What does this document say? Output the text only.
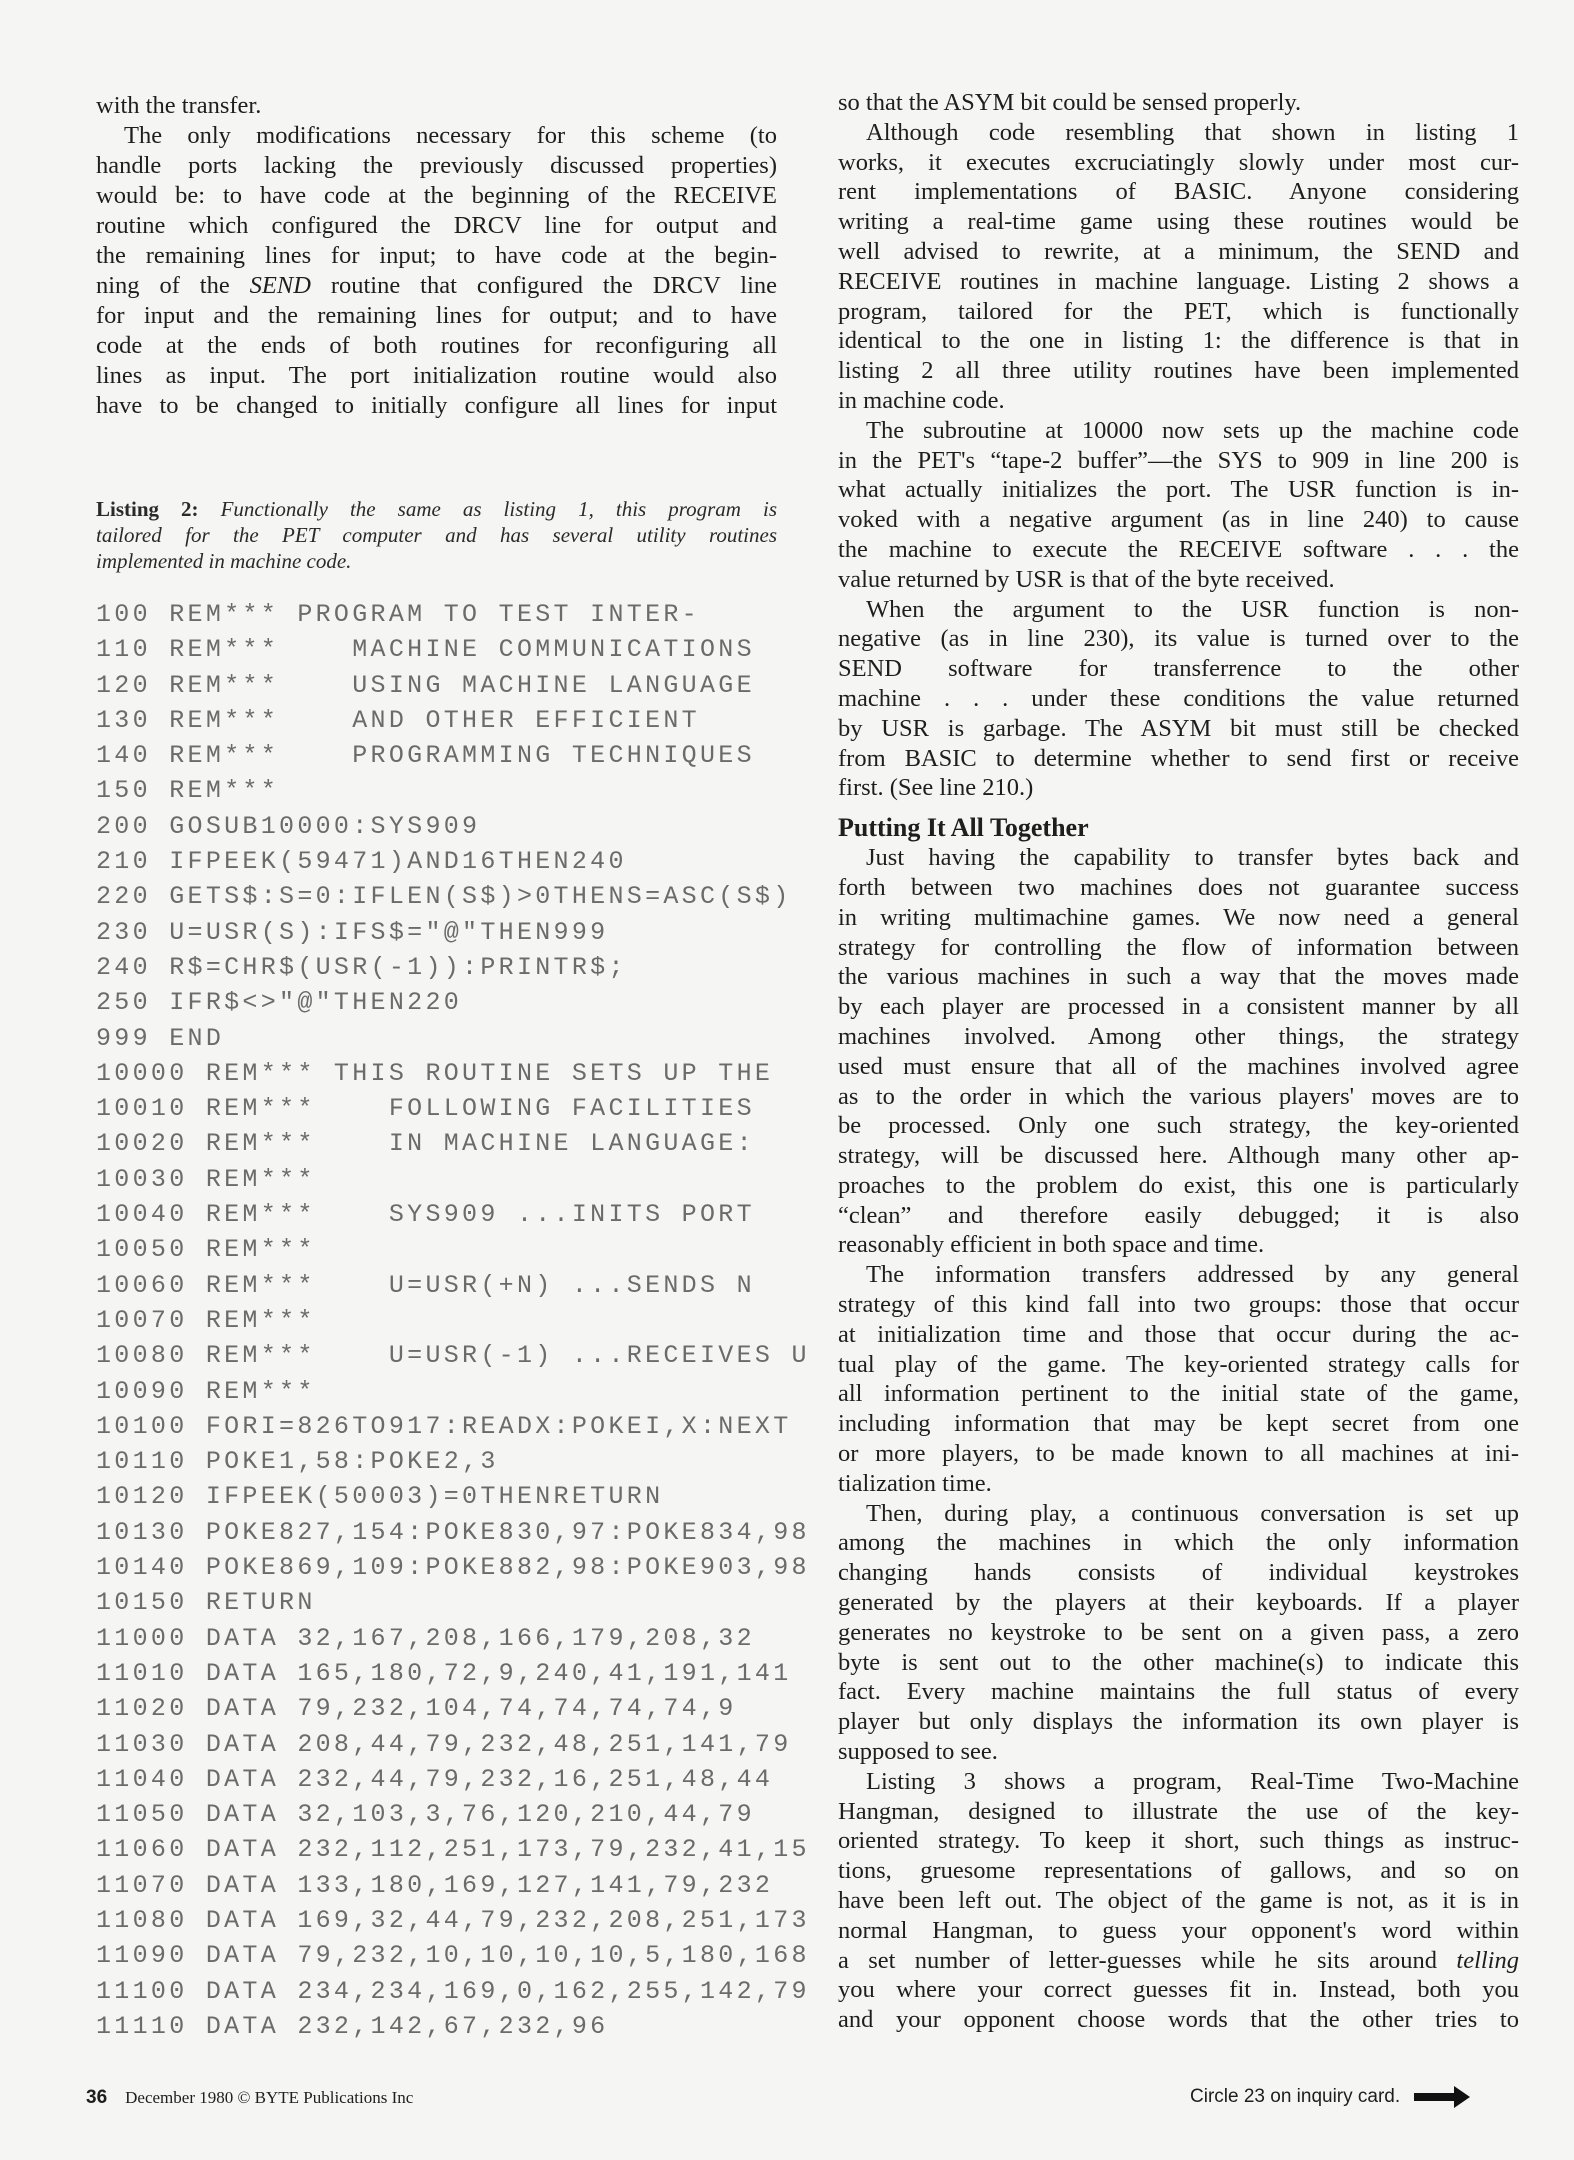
with the transfer.
The only modifications necessary for this scheme (to
handle ports lacking the previously discussed properties)
would be: to have code at the beginning of the RECEIVE
routine which configured the DRCV line for output and
the remaining lines for input; to have code at the begin-
ning of the SEND routine that configured the DRCV line
for input and the remaining lines for output; and to have
code at the ends of both routines for reconfiguring all
lines as input. The port initialization routine would also
have to be changed to initially configure all lines for input
Listing 2: Functionally the same as listing 1, this program is
tailored for the PET computer and has several utility routines
implemented in machine code.
100 REM*** PROGRAM TO TEST INTER-
110 REM***    MACHINE COMMUNICATIONS
120 REM***    USING MACHINE LANGUAGE
130 REM***    AND OTHER EFFICIENT
140 REM***    PROGRAMMING TECHNIQUES
150 REM***
200 GOSUB10000:SYS909
210 IFPEEK(59471)AND16THEN240
220 GETS$:S=0:IFLEN(S$)>0THENS=ASC(S$)
230 U=USR(S):IFS$="@"THEN999
240 R$=CHR$(USR(-1)):PRINTR$;
250 IFR$<>"@"THEN220
999 END
10000 REM*** THIS ROUTINE SETS UP THE
10010 REM***    FOLLOWING FACILITIES
10020 REM***    IN MACHINE LANGUAGE:
10030 REM***
10040 REM***    SYS909 ...INITS PORT
10050 REM***
10060 REM***    U=USR(+N) ...SENDS N
10070 REM***
10080 REM***    U=USR(-1) ...RECEIVES U
10090 REM***
10100 FORI=826TO917:READX:POKEI,X:NEXT
10110 POKE1,58:POKE2,3
10120 IFPEEK(50003)=0THENRETURN
10130 POKE827,154:POKE830,97:POKE834,98
10140 POKE869,109:POKE882,98:POKE903,98
10150 RETURN
11000 DATA 32,167,208,166,179,208,32
11010 DATA 165,180,72,9,240,41,191,141
11020 DATA 79,232,104,74,74,74,74,9
11030 DATA 208,44,79,232,48,251,141,79
11040 DATA 232,44,79,232,16,251,48,44
11050 DATA 32,103,3,76,120,210,44,79
11060 DATA 232,112,251,173,79,232,41,15
11070 DATA 133,180,169,127,141,79,232
11080 DATA 169,32,44,79,232,208,251,173
11090 DATA 79,232,10,10,10,10,5,180,168
11100 DATA 234,234,169,0,162,255,142,79
11110 DATA 232,142,67,232,96
so that the ASYM bit could be sensed properly.
Although code resembling that shown in listing 1
works, it executes excruciatingly slowly under most cur-
rent implementations of BASIC. Anyone considering
writing a real-time game using these routines would be
well advised to rewrite, at a minimum, the SEND and
RECEIVE routines in machine language. Listing 2 shows a
program, tailored for the PET, which is functionally
identical to the one in listing 1: the difference is that in
listing 2 all three utility routines have been implemented
in machine code.
The subroutine at 10000 now sets up the machine code
in the PET's “tape-2 buffer”—the SYS to 909 in line 200 is
what actually initializes the port. The USR function is in-
voked with a negative argument (as in line 240) to cause
the machine to execute the RECEIVE software . . . the
value returned by USR is that of the byte received.
When the argument to the USR function is non-
negative (as in line 230), its value is turned over to the
SEND software for transferrence to the other
machine . . . under these conditions the value returned
by USR is garbage. The ASYM bit must still be checked
from BASIC to determine whether to send first or receive
first. (See line 210.)
Putting It All Together
Just having the capability to transfer bytes back and
forth between two machines does not guarantee success
in writing multimachine games. We now need a general
strategy for controlling the flow of information between
the various machines in such a way that the moves made
by each player are processed in a consistent manner by all
machines involved. Among other things, the strategy
used must ensure that all of the machines involved agree
as to the order in which the various players' moves are to
be processed. Only one such strategy, the key-oriented
strategy, will be discussed here. Although many other ap-
proaches to the problem do exist, this one is particularly
“clean” and therefore easily debugged; it is also
reasonably efficient in both space and time.
The information transfers addressed by any general
strategy of this kind fall into two groups: those that occur
at initialization time and those that occur during the ac-
tual play of the game. The key-oriented strategy calls for
all information pertinent to the initial state of the game,
including information that may be kept secret from one
or more players, to be made known to all machines at ini-
tialization time.
Then, during play, a continuous conversation is set up
among the machines in which the only information
changing hands consists of individual keystrokes
generated by the players at their keyboards. If a player
generates no keystroke to be sent on a given pass, a zero
byte is sent out to the other machine(s) to indicate this
fact. Every machine maintains the full status of every
player but only displays the information its own player is
supposed to see.
Listing 3 shows a program, Real-Time Two-Machine
Hangman, designed to illustrate the use of the key-
oriented strategy. To keep it short, such things as instruc-
tions, gruesome representations of gallows, and so on
have been left out. The object of the game is not, as it is in
normal Hangman, to guess your opponent's word within
a set number of letter-guesses while he sits around telling
you where your correct guesses fit in. Instead, both you
and your opponent choose words that the other tries to
36 December 1980 © BYTE Publications Inc	Circle 23 on inquiry card.
